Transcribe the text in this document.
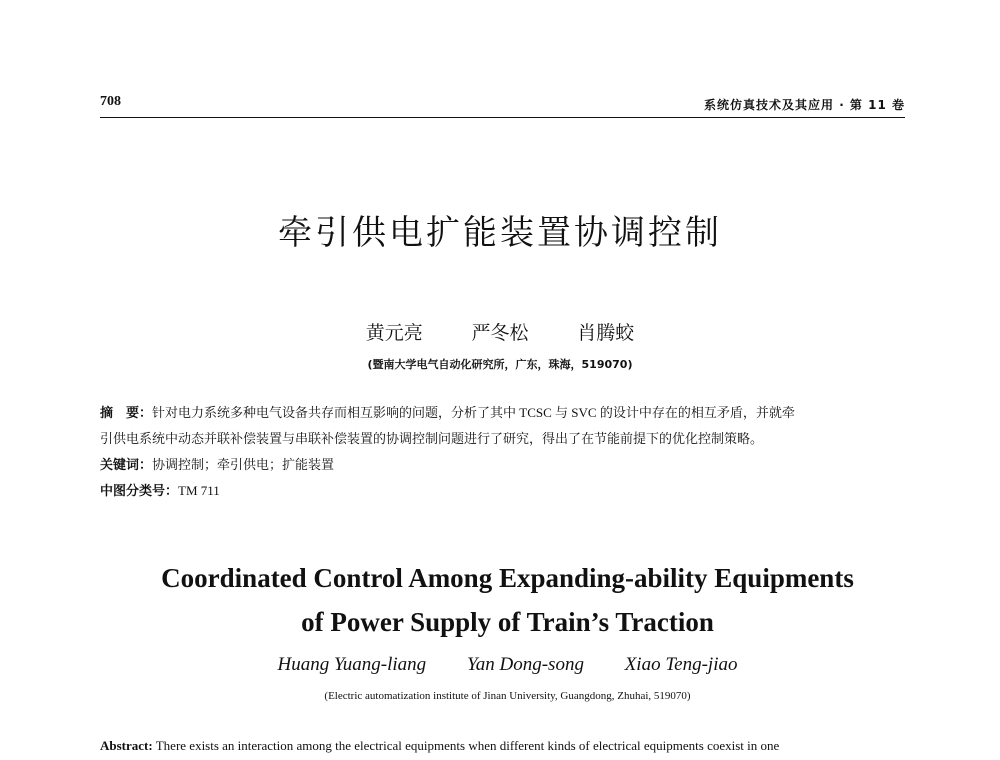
708	系统仿真技术及其应用 · 第 11 卷
牵引供电扩能装置协调控制
黄元亮	严冬松	肖腾蛟
(暨南大学电气自动化研究所，广东，珠海，519070)
摘　要：针对电力系统多种电气设备共存而相互影响的问题，分析了其中 TCSC 与 SVC 的设计中存在的相互矛盾，并就牵
引供电系统中动态并联补偿装置与串联补偿装置的协调控制问题进行了研究，得出了在节能前提下的优化控制策略。
关键词：协调控制；牵引供电；扩能装置
中图分类号：TM 711
Coordinated Control Among Expanding-ability Equipments
of Power Supply of Train’s Traction
Huang Yuang-liang Yan Dong-song Xiao Teng-jiao
(Electric automatization institute of Jinan University, Guangdong, Zhuhai, 519070)
Abstract: There exists an interaction among the electrical equipments when different kinds of electrical equipments coexist in one
